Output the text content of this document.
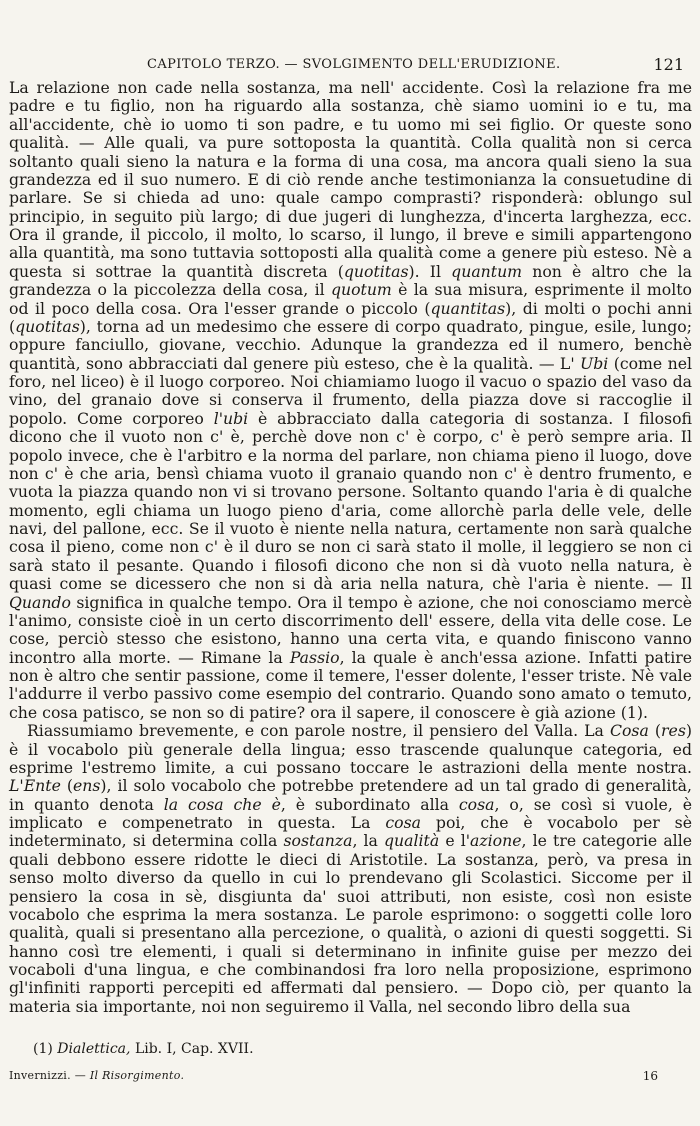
CAPITOLO TERZO. — SVOLGIMENTO DELL'ERUDIZIONE.	121

La relazione non cade nella sostanza, ma nell' accidente. Così la relazione fra me padre e tu figlio, non ha riguardo alla sostanza, chè siamo uomini io e tu, ma all'accidente, chè io uomo ti son padre, e tu uomo mi sei figlio. Or queste sono qualità. — Alle quali, va pure sottoposta la quantità. Colla qualità non si cerca soltanto quali sieno la natura e la forma di una cosa, ma ancora quali sieno la sua grandezza ed il suo numero. E di ciò rende anche testimonianza la consuetudine di parlare. Se si chieda ad uno: quale campo comprasti? risponderà: oblungo sul principio, in seguito più largo; di due jugeri di lunghezza, d'incerta larghezza, ecc. Ora il grande, il piccolo, il molto, lo scarso, il lungo, il breve e simili appartengono alla quantità, ma sono tuttavia sottoposti alla qualità come a genere più esteso. Nè a questa si sottrae la quantità discreta (quotitas). Il quantum non è altro che la grandezza o la piccolezza della cosa, il quotum è la sua misura, esprimente il molto od il poco della cosa. Ora l'esser grande o piccolo (quantitas), di molti o pochi anni (quotitas), torna ad un medesimo che essere di corpo quadrato, pingue, esile, lungo; oppure fanciullo, giovane, vecchio. Adunque la grandezza ed il numero, benchè quantità, sono abbracciati dal genere più esteso, che è la qualità. — L' Ubi (come nel foro, nel liceo) è il luogo corporeo. Noi chiamiamo luogo il vacuo o spazio del vaso da vino, del granaio dove si conserva il frumento, della piazza dove si raccoglie il popolo. Come corporeo l'ubi è abbracciato dalla categoria di sostanza. I filosofi dicono che il vuoto non c' è, perchè dove non c' è corpo, c' è però sempre aria. Il popolo invece, che è l'arbitro e la norma del parlare, non chiama pieno il luogo, dove non c' è che aria, bensì chiama vuoto il granaio quando non c' è dentro frumento, e vuota la piazza quando non vi si trovano persone. Soltanto quando l'aria è di qualche momento, egli chiama un luogo pieno d'aria, come allorchè parla delle vele, delle navi, del pallone, ecc. Se il vuoto è niente nella natura, certamente non sarà qualche cosa il pieno, come non c' è il duro se non ci sarà stato il molle, il leggiero se non ci sarà stato il pesante. Quando i filosofi dicono che non si dà vuoto nella natura, è quasi come se dicessero che non si dà aria nella natura, chè l'aria è niente. — Il Quando significa in qualche tempo. Ora il tempo è azione, che noi conosciamo mercè l'animo, consiste cioè in un certo discorrimento dell' essere, della vita delle cose. Le cose, perciò stesso che esistono, hanno una certa vita, e quando finiscono vanno incontro alla morte. — Rimane la Passio, la quale è anch'essa azione. Infatti patire non è altro che sentir passione, come il temere, l'esser dolente, l'esser triste. Nè vale l'addurre il verbo passivo come esempio del contrario. Quando sono amato o temuto, che cosa patisco, se non so di patire? ora il sapere, il conoscere è già azione (1).

Riassumiamo brevemente, e con parole nostre, il pensiero del Valla. La Cosa (res) è il vocabolo più generale della lingua; esso trascende qualunque categoria, ed esprime l'estremo limite, a cui possano toccare le astrazioni della mente nostra. L'Ente (ens), il solo vocabolo che potrebbe pretendere ad un tal grado di generalità, in quanto denota la cosa che è, è subordinato alla cosa, o, se così si vuole, è implicato e compenetrato in questa. La cosa poi, che è vocabolo per sè indeterminato, si determina colla sostanza, la qualità e l'azione, le tre categorie alle quali debbono essere ridotte le dieci di Aristotile. La sostanza, però, va presa in senso molto diverso da quello in cui lo prendevano gli Scolastici. Siccome per il pensiero la cosa in sè, disgiunta da' suoi attributi, non esiste, così non esiste vocabolo che esprima la mera sostanza. Le parole esprimono: o soggetti colle loro qualità, quali si presentano alla percezione, o qualità, o azioni di questi soggetti. Si hanno così tre elementi, i quali si determinano in infinite guise per mezzo dei vocaboli d'una lingua, e che combinandosi fra loro nella proposizione, esprimono gl'infiniti rapporti percepiti ed affermati dal pensiero. — Dopo ciò, per quanto la materia sia importante, noi non seguiremo il Valla, nel secondo libro della sua

(1) Dialettica, Lib. I, Cap. XVII.
Invernizzi. — Il Risorgimento.	16
